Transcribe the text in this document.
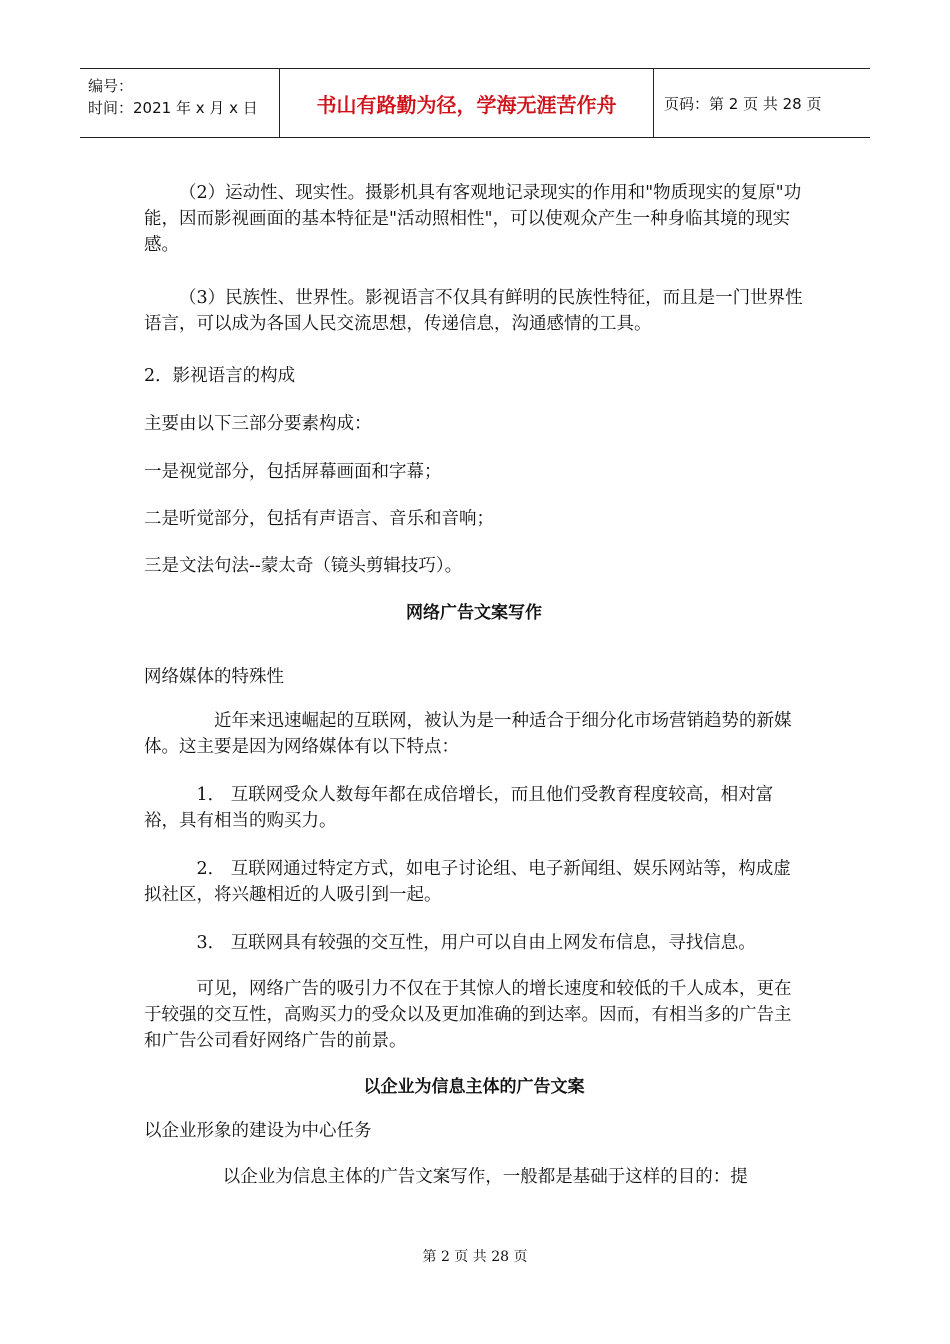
编号：
时间：2021 年 x 月 x 日	书山有路勤为径，学海无涯苦作舟	页码：第 2 页 共 28 页

（2）运动性、现实性。摄影机具有客观地记录现实的作用和"物质现实的复原"功能，因而影视画面的基本特征是"活动照相性"，可以使观众产生一种身临其境的现实感。

（3）民族性、世界性。影视语言不仅具有鲜明的民族性特征，而且是一门世界性语言，可以成为各国人民交流思想，传递信息，沟通感情的工具。

2．影视语言的构成

主要由以下三部分要素构成：

一是视觉部分，包括屏幕画面和字幕；

二是听觉部分，包括有声语言、音乐和音响；

三是文法句法--蒙太奇（镜头剪辑技巧）。

网络广告文案写作

网络媒体的特殊性

近年来迅速崛起的互联网，被认为是一种适合于细分化市场营销趋势的新媒体。这主要是因为网络媒体有以下特点：

1． 互联网受众人数每年都在成倍增长，而且他们受教育程度较高，相对富裕，具有相当的购买力。

2． 互联网通过特定方式，如电子讨论组、电子新闻组、娱乐网站等，构成虚拟社区，将兴趣相近的人吸引到一起。

3． 互联网具有较强的交互性，用户可以自由上网发布信息，寻找信息。

可见，网络广告的吸引力不仅在于其惊人的增长速度和较低的千人成本，更在于较强的交互性，高购买力的受众以及更加准确的到达率。因而，有相当多的广告主和广告公司看好网络广告的前景。

以企业为信息主体的广告文案

以企业形象的建设为中心任务

以企业为信息主体的广告文案写作，一般都是基础于这样的目的：提

第 2 页 共 28 页
